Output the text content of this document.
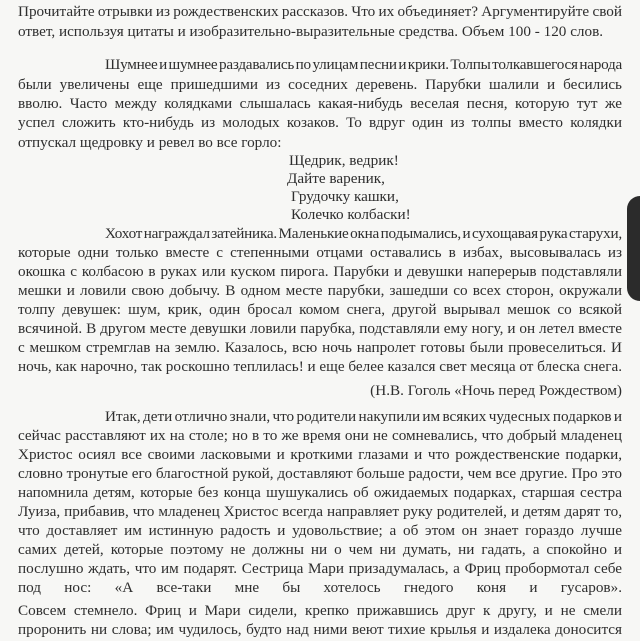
Прочитайте отрывки из рождественских рассказов. Что их объединяет? Аргументируйте свой
ответ, используя цитаты и изобразительно-выразительные средства. Объем 100 - 120 слов.
Шумнее и шумнее раздавались по улицам песни и крики. Толпы толкавшегося народа
были увеличены еще пришедшими из соседних деревень. Парубки шалили и бесились
вволю. Часто между колядками слышалась какая-нибудь веселая песня, которую тут же
успел сложить кто-нибудь из молодых козаков. То вдруг один из толпы вместо колядки
отпускал щедровку и ревел во все горло:
Щедрик, ведрик!
Дайте вареник,
Грудочку кашки,
Колечко колбаски!
Хохот награждал затейника. Маленькие окна подымались, и сухощавая рука старухи,
которые одни только вместе с степенными отцами оставались в избах, высовывалась из
окошка с колбасою в руках или куском пирога. Парубки и девушки наперерыв подставляли
мешки и ловили свою добычу. В одном месте парубки, зашедши со всех сторон, окружали
толпу девушек: шум, крик, один бросал комом снега, другой вырывал мешок со всякой
всячиной. В другом месте девушки ловили парубка, подставляли ему ногу, и он летел вместе
с мешком стремглав на землю. Казалось, всю ночь напролет готовы были провеселиться. И
ночь, как нарочно, так роскошно теплилась! и еще белее казался свет месяца от блеска снега.
(Н.В. Гоголь «Ночь перед Рождеством)
Итак, дети отлично знали, что родители накупили им всяких чудесных подарков и
сейчас расставляют их на столе; но в то же время они не сомневались, что добрый младенец
Христос осиял все своими ласковыми и кроткими глазами и что рождественские подарки,
словно тронутые его благостной рукой, доставляют больше радости, чем все другие. Про это
напомнила детям, которые без конца шушукались об ожидаемых подарках, старшая сестра
Луиза, прибавив, что младенец Христос всегда направляет руку родителей, и детям дарят то,
что доставляет им истинную радость и удовольствие; а об этом он знает гораздо лучше
самих детей, которые поэтому не должны ни о чем ни думать, ни гадать, а спокойно и
послушно ждать, что им подарят. Сестрица Мари призадумалась, а Фриц пробормотал себе
под нос: «А все-таки мне бы хотелось гнедого коня и гусаров».
Совсем стемнело. Фриц и Мари сидели, крепко прижавшись друг к другу, и не смели
проронить ни слова; им чудилось, будто над ними веют тихие крылья и издалека доносится
